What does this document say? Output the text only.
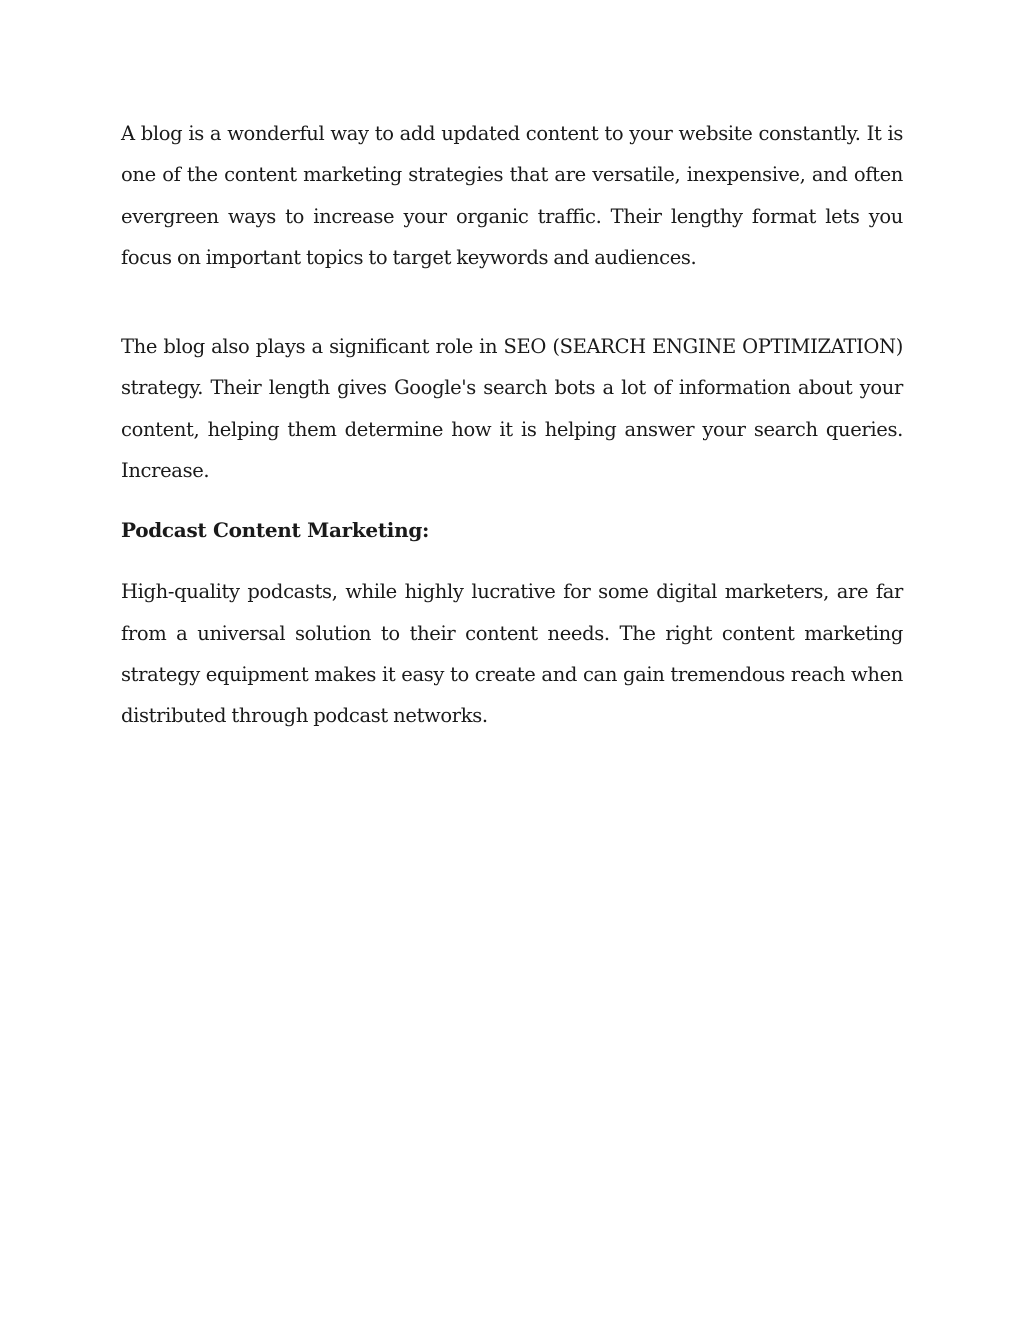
A blog is a wonderful way to add updated content to your website constantly. It is one of the content marketing strategies that are versatile, inexpensive, and often evergreen ways to increase your organic traffic. Their lengthy format lets you focus on important topics to target keywords and audiences.

The blog also plays a significant role in SEO (SEARCH ENGINE OPTIMIZATION) strategy. Their length gives Google's search bots a lot of information about your content, helping them determine how it is helping answer your search queries. Increase.

Podcast Content Marketing:

High-quality podcasts, while highly lucrative for some digital marketers, are far from a universal solution to their content needs. The right content marketing strategy equipment makes it easy to create and can gain tremendous reach when distributed through podcast networks.
